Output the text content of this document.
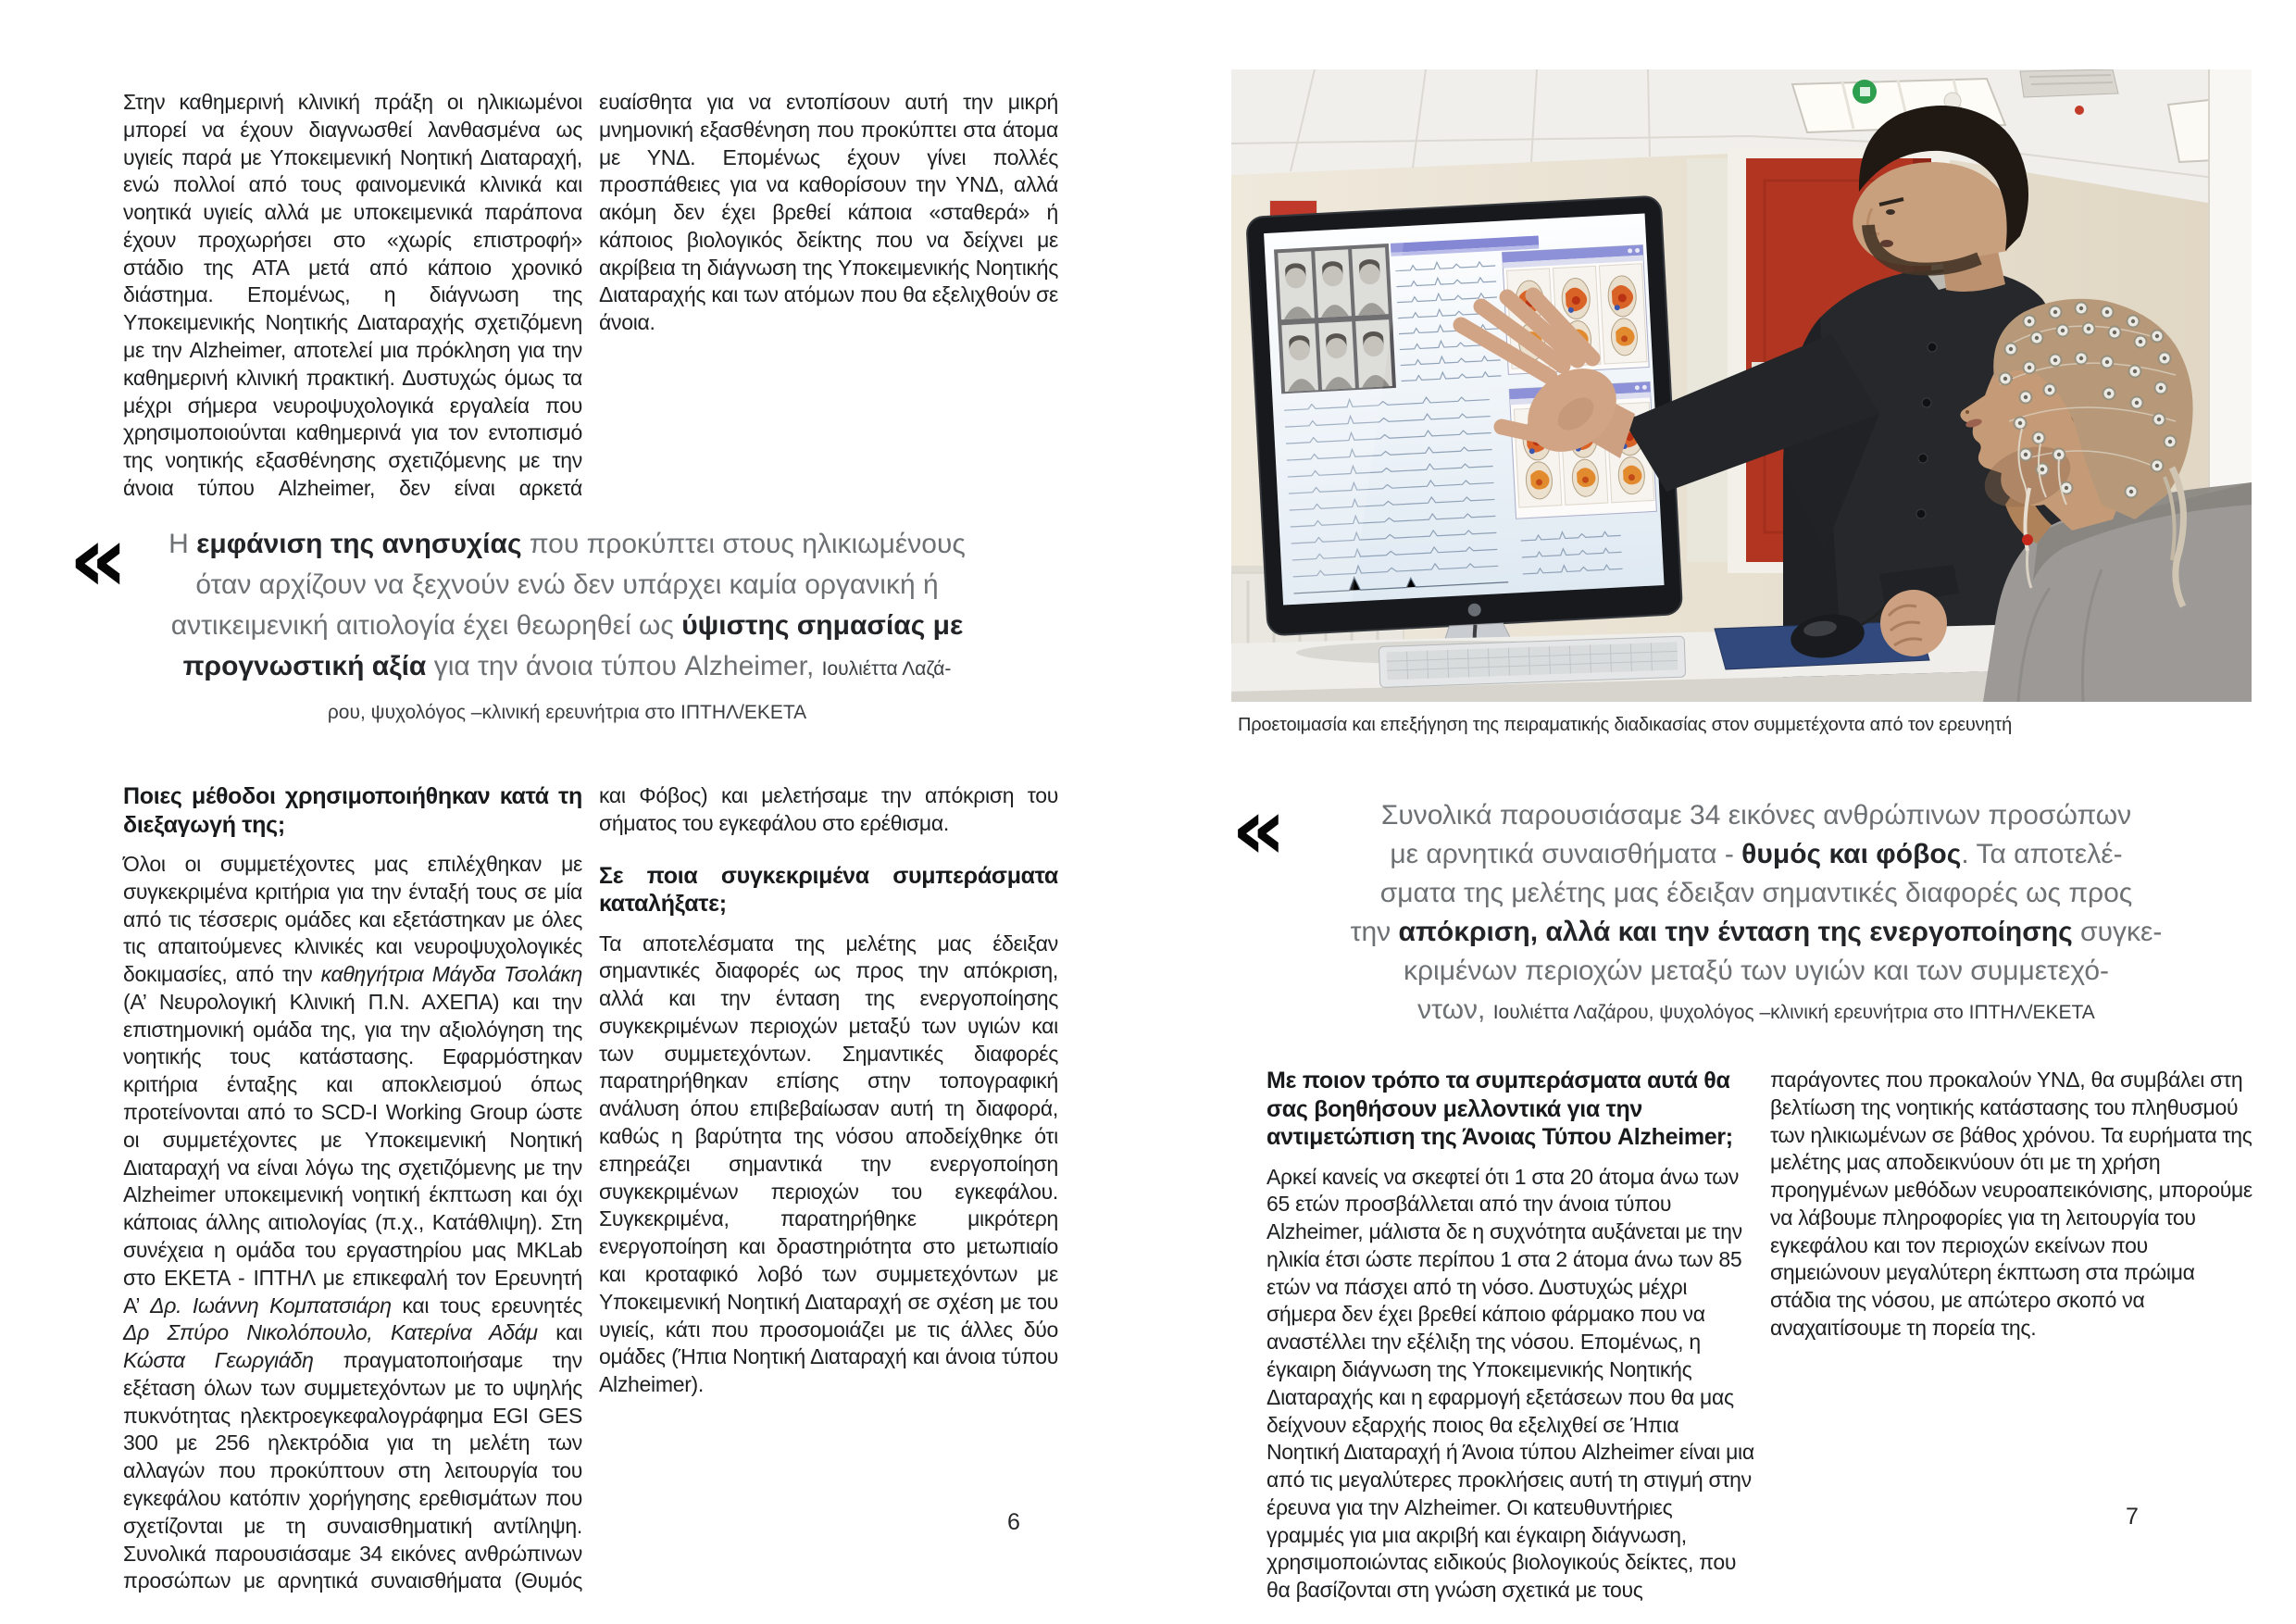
Στην καθημερινή κλινική πράξη οι ηλικιωμένοι μπορεί να έχουν διαγνωσθεί λανθασμένα ως υγιείς παρά με Υποκειμενική Νοητική Διαταραχή, ενώ πολλοί από τους φαινομενικά κλινικά και νοητικά υγιείς αλλά με υποκειμενικά παράπονα έχουν προχωρήσει στο «χωρίς επιστροφή» στάδιο της ΑΤΑ μετά από κάποιο χρονικό διάστημα. Επομένως, η διάγνωση της Υποκειμενικής Νοητικής Διαταραχής σχετιζόμενη με την Alzheimer, αποτελεί μια πρόκληση για την καθημερινή κλινική πρακτική. Δυστυχώς όμως τα μέχρι σήμερα νευροψυχολογικά εργαλεία που χρησιμοποιούνται καθημερινά για τον εντοπισμό της νοητικής εξασθένησης σχετιζόμενης με την άνοια τύπου Alzheimer, δεν είναι αρκετά ευαίσθητα για να εντοπίσουν αυτή την μικρή μνημονική εξασθένηση που προκύπτει στα άτομα με ΥΝΔ. Επομένως έχουν γίνει πολλές προσπάθειες για να καθορίσουν την ΥΝΔ, αλλά ακόμη δεν έχει βρεθεί κάποια «σταθερά» ή κάποιος βιολογικός δείκτης που να δείχνει με ακρίβεια τη διάγνωση της Υποκειμενικής Νοητικής Διαταραχής και των ατόμων που θα εξελιχθούν σε άνοια.

«	Η εμφάνιση της ανησυχίας που προκύπτει στους ηλικιωμένους
όταν αρχίζουν να ξεχνούν ενώ δεν υπάρχει καμία οργανική ή
αντικειμενική αιτιολογία έχει θεωρηθεί ως ύψιστης σημασίας με
προγνωστική αξία για την άνοια τύπου Alzheimer, Ιουλιέττα Λαζά-
ρου, ψυχολόγος –κλινική ερευνήτρια στο ΙΠΤΗΛ/ΕΚΕΤΑ
Ποιες μέθοδοι χρησιμοποιήθηκαν κατά τη διεξαγωγή της;

Όλοι οι συμμετέχοντες μας επιλέχθηκαν με συγκεκριμένα κριτήρια για την ένταξή τους σε μία από τις τέσσερις ομάδες και εξετάστηκαν με όλες τις απαιτούμενες κλινικές και νευροψυχολογικές δοκιμασίες, από την καθηγήτρια Μάγδα Τσολάκη (Α’ Νευρολογική Κλινική Π.Ν. ΑΧΕΠΑ) και την επιστημονική ομάδα της, για την αξιολόγηση της νοητικής τους κατάστασης. Εφαρμόστηκαν κριτήρια ένταξης και αποκλεισμού όπως προτείνονται από το SCD-I Working Group ώστε οι συμμετέχοντες με Υποκειμενική Νοητική Διαταραχή να είναι λόγω της σχετιζόμενης με την Alzheimer υποκειμενική νοητική έκπτωση και όχι κάποιας άλλης αιτιολογίας (π.χ., Κατάθλιψη). Στη συνέχεια η ομάδα του εργαστηρίου μας MKLab στο ΕΚΕΤΑ - ΙΠΤΗΛ με επικεφαλή τον Ερευνητή Α’ Δρ. Ιωάννη Κομπατσιάρη και τους ερευνητές Δρ Σπύρο Νικολόπουλο, Κατερίνα Αδάμ και Κώστα Γεωργιάδη πραγματοποιήσαμε την εξέταση όλων των συμμετεχόντων με το υψηλής πυκνότητας ηλεκτροεγκεφαλογράφημα EGI GES 300 με 256 ηλεκτρόδια για τη μελέτη των αλλαγών που προκύπτουν στη λειτουργία του εγκεφάλου κατόπιν χορήγησης ερεθισμάτων που σχετίζονται με τη συναισθηματική αντίληψη. Συνολικά παρουσιάσαμε 34 εικόνες ανθρώπινων προσώπων με αρνητικά συναισθήματα (Θυμός και Φόβος) και μελετήσαμε την απόκριση του σήματος του εγκεφάλου στο ερέθισμα.

Σε ποια συγκεκριμένα συμπεράσματα καταλήξατε;

Τα αποτελέσματα της μελέτης μας έδειξαν σημαντικές διαφορές ως προς την απόκριση, αλλά και την ένταση της ενεργοποίησης συγκεκριμένων περιοχών μεταξύ των υγιών και των συμμετεχόντων. Σημαντικές διαφορές παρατηρήθηκαν επίσης στην τοπογραφική ανάλυση όπου επιβεβαίωσαν αυτή τη διαφορά, καθώς η βαρύτητα της νόσου αποδείχθηκε ότι επηρεάζει σημαντικά την ενεργοποίηση συγκεκριμένων περιοχών του εγκεφάλου. Συγκεκριμένα, παρατηρήθηκε μικρότερη ενεργοποίηση και δραστηριότητα στο μετωπιαίο και κροταφικό λοβό των συμμετεχόντων με Υποκειμενική Νοητική Διαταραχή σε σχέση με του υγιείς, κάτι που προσομοιάζει με τις άλλες δύο ομάδες (Ήπια Νοητική Διαταραχή και άνοια τύπου Alzheimer).

6
Προετοιμασία και επεξήγηση της πειραματικής διαδικασίας στον συμμετέχοντα από τον ερευνητή
«	Συνολικά παρουσιάσαμε 34 εικόνες ανθρώπινων προσώπων
με αρνητικά συναισθήματα - θυμός και φόβος. Τα αποτελέ-
σματα της μελέτης μας έδειξαν σημαντικές διαφορές ως προς
την απόκριση, αλλά και την ένταση της ενεργοποίησης συγκε-
κριμένων περιοχών μεταξύ των υγιών και των συμμετεχό-
ντων, Ιουλιέττα Λαζάρου, ψυχολόγος –κλινική ερευνήτρια στο ΙΠΤΗΛ/ΕΚΕΤΑ
Με ποιον τρόπο τα συμπεράσματα αυτά θα σας βοηθήσουν μελλοντικά για την αντιμετώπιση της Άνοιας Τύπου Alzheimer;

Αρκεί κανείς να σκεφτεί ότι 1 στα 20 άτομα άνω των 65 ετών προσβάλλεται από την άνοια τύπου Alzheimer, μάλιστα δε η συχνότητα αυξάνεται με την ηλικία έτσι ώστε περίπου 1 στα 2 άτομα άνω των 85 ετών να πάσχει από τη νόσο. Δυστυχώς μέχρι σήμερα δεν έχει βρεθεί κάποιο φάρμακο που να αναστέλλει την εξέλιξη της νόσου. Επομένως, η έγκαιρη διάγνωση της Υποκειμενικής Νοητικής Διαταραχής και η εφαρμογή εξετάσεων που θα μας δείχνουν εξαρχής ποιος θα εξελιχθεί σε Ήπια Νοητική Διαταραχή ή Άνοια τύπου Alzheimer είναι μια από τις μεγαλύτερες προκλήσεις αυτή τη στιγμή στην έρευνα για την Alzheimer. Οι κατευθυντήριες γραμμές για μια ακριβή και έγκαιρη διάγνωση, χρησιμοποιώντας ειδικούς βιολογικούς δείκτες, που θα βασίζονται στη γνώση σχετικά με τους παράγοντες που προκαλούν ΥΝΔ, θα συμβάλει στη βελτίωση της νοητικής κατάστασης του πληθυσμού των ηλικιωμένων σε βάθος χρόνου. Τα ευρήματα της μελέτης μας αποδεικνύουν ότι με τη χρήση προηγμένων μεθόδων νευροαπεικόνισης, μπορούμε να λάβουμε πληροφορίες για τη λειτουργία του εγκεφάλου και τον περιοχών εκείνων που σημειώνουν μεγαλύτερη έκπτωση στα πρώιμα στάδια της νόσου, με απώτερο σκοπό να αναχαιτίσουμε τη πορεία της.

7
